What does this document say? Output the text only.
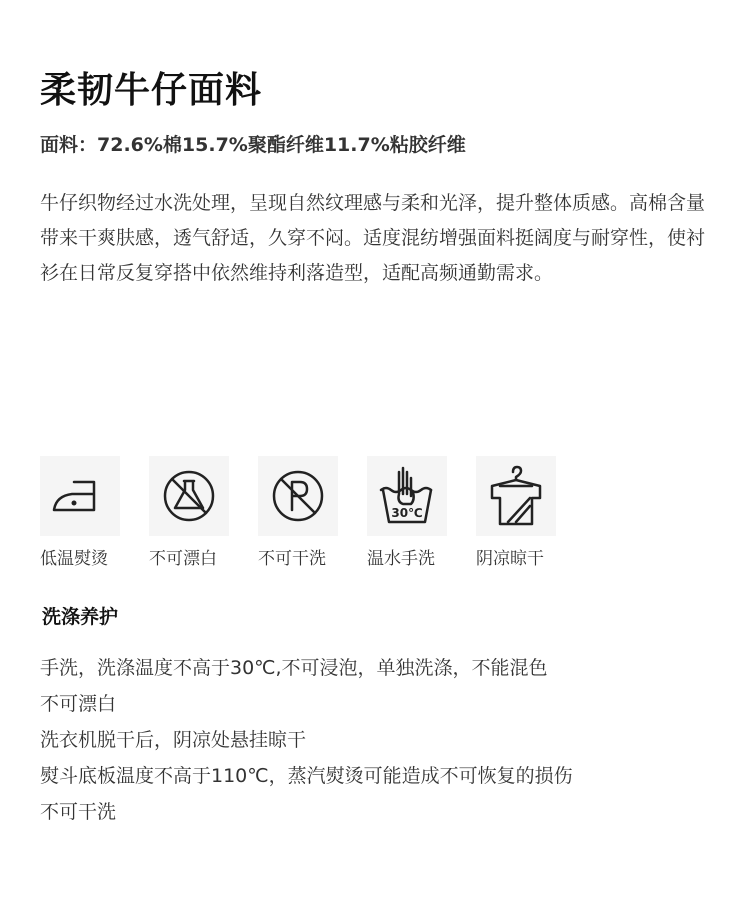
柔韧牛仔面料
面料：72.6%棉15.7%聚酯纤维11.7%粘胶纤维
牛仔织物经过水洗处理，呈现自然纹理感与柔和光泽，提升整体质感。高棉含量带来干爽肤感，透气舒适，久穿不闷。适度混纺增强面料挺阔度与耐穿性，使衬衫在日常反复穿搭中依然维持利落造型，适配高频通勤需求。
低温熨烫 不可漂白 不可干洗
30℃
温水手洗 阴凉晾干
洗涤养护
手洗，洗涤温度不高于30℃,不可浸泡，单独洗涤，不能混色
不可漂白
洗衣机脱干后，阴凉处悬挂晾干
熨斗底板温度不高于110℃，蒸汽熨烫可能造成不可恢复的损伤
不可干洗
